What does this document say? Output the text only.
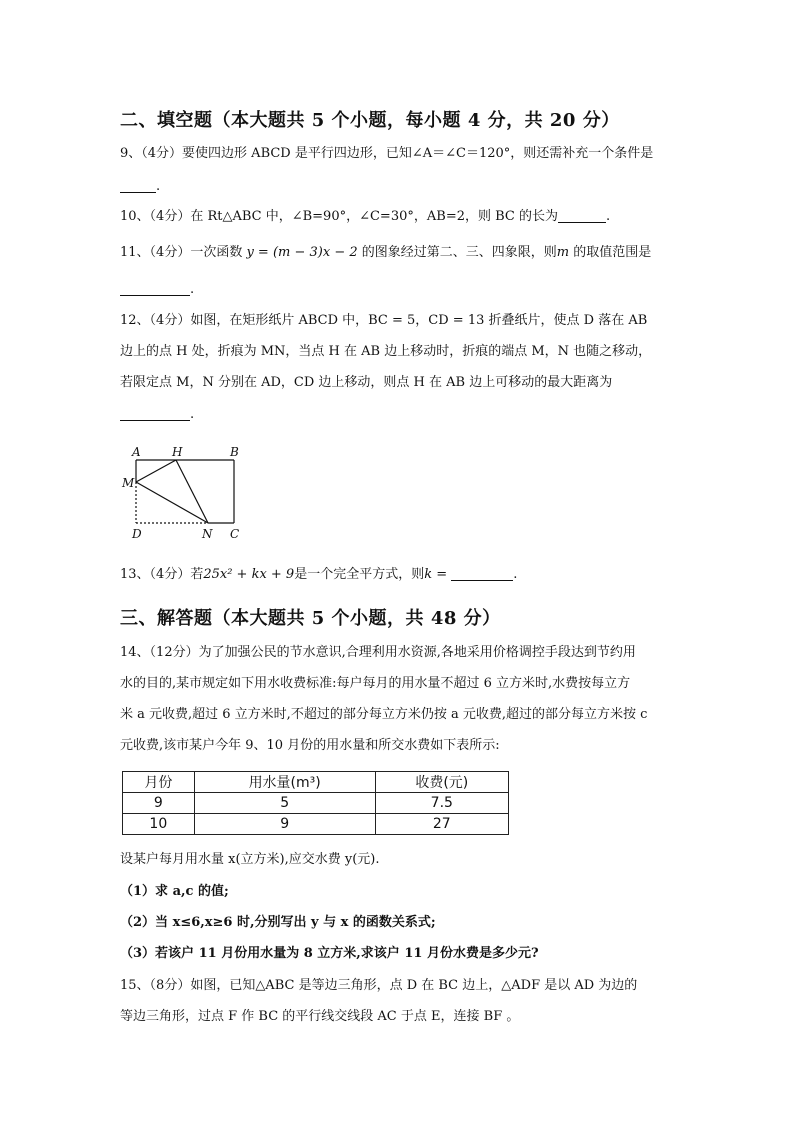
二、填空题（本大题共 5 个小题，每小题 4 分，共 20 分）
9、（4分）要使四边形 ABCD 是平行四边形，已知∠A＝∠C＝120°，则还需补充一个条件是
.
10、（4分）在 Rt△ABC 中，∠B=90°，∠C=30°，AB=2，则 BC 的长为	.
11、（4分）一次函数 y = (m − 3)x − 2 的图象经过第二、三、四象限，则m 的取值范围是
.
12、（4分）如图，在矩形纸片 ABCD 中，BC = 5，CD = 13 折叠纸片，使点 D 落在 AB
边上的点 H 处，折痕为 MN，当点 H 在 AB 边上移动时，折痕的端点 M，N 也随之移动，
若限定点 M，N 分别在 AD，CD 边上移动，则点 H 在 AB 边上可移动的最大距离为
.
A	H	B
M
D	N C
13、（4分）若25x² + kx + 9是一个完全平方式，则k =	.
三、解答题（本大题共 5 个小题，共 48 分）
14、（12分）为了加强公民的节水意识,合理利用水资源,各地采用价格调控手段达到节约用
水的目的,某市规定如下用水收费标准:每户每月的用水量不超过 6 立方米时,水费按每立方
米 a 元收费,超过 6 立方米时,不超过的部分每立方米仍按 a 元收费,超过的部分每立方米按 c
元收费,该市某户今年 9、10 月份的用水量和所交水费如下表所示:
月份	用水量(m³)	收费(元)
9	5	7.5
10	9	27
设某户每月用水量 x(立方米),应交水费 y(元).
（1）求 a,c 的值;
（2）当 x≤6,x≥6 时,分别写出 y 与 x 的函数关系式;
（3）若该户 11 月份用水量为 8 立方米,求该户 11 月份水费是多少元?
15、（8分）如图，已知△ABC 是等边三角形，点 D 在 BC 边上，△ADF 是以 AD 为边的
等边三角形，过点 F 作 BC 的平行线交线段 AC 于点 E，连接 BF 。
